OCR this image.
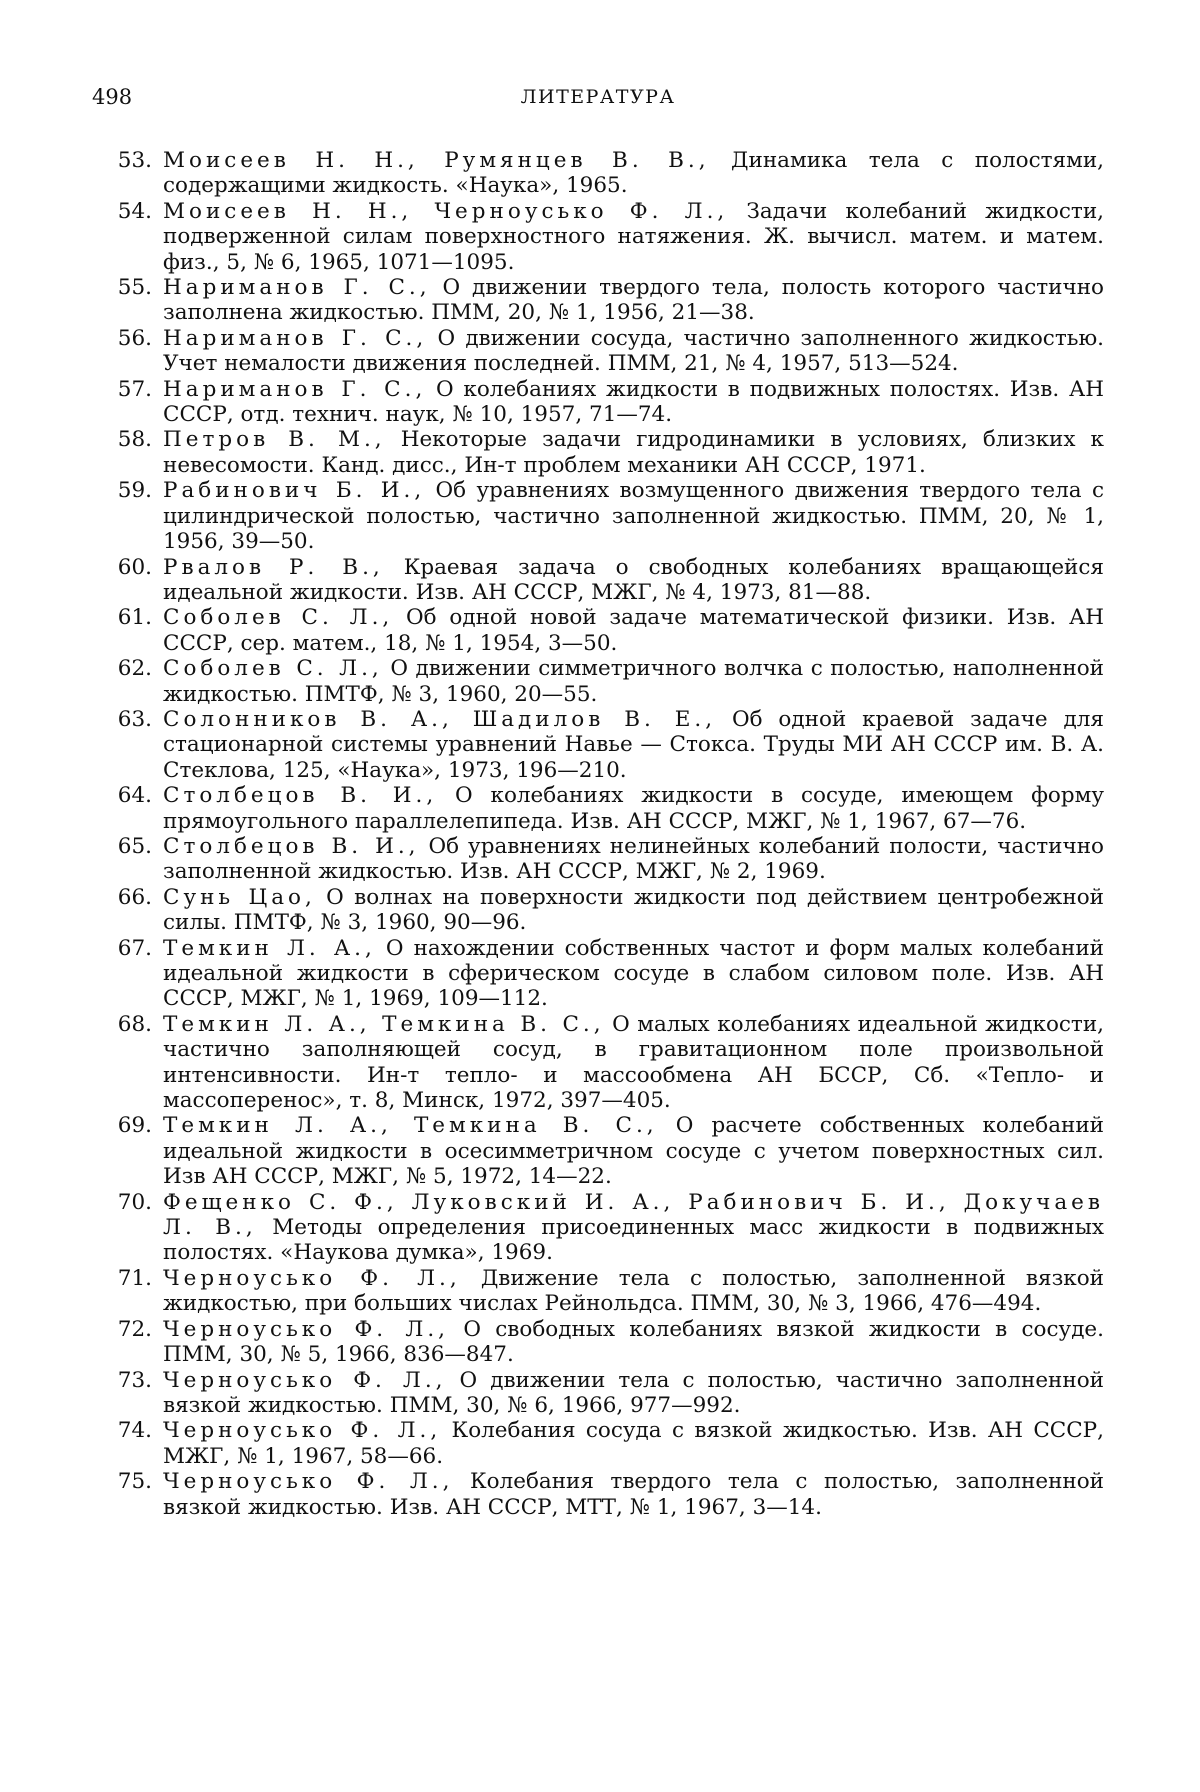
498	ЛИТЕРАТУРА
53. Моисеев Н. Н., Румянцев В. В., Динамика тела с полостями, содержащими жидкость. «Наука», 1965.
54. Моисеев Н. Н., Черноусько Ф. Л., Задачи колебаний жидкости, подверженной силам поверхностного натяжения. Ж. вычисл. матем. и матем. физ., 5, № 6, 1965, 1071—1095.
55. Нариманов Г. С., О движении твердого тела, полость которого частично заполнена жидкостью. ПММ, 20, № 1, 1956, 21—38.
56. Нариманов Г. С., О движении сосуда, частично заполненного жидкостью. Учет немалости движения последней. ПММ, 21, № 4, 1957, 513—524.
57. Нариманов Г. С., О колебаниях жидкости в подвижных полостях. Изв. АН СССР, отд. технич. наук, № 10, 1957, 71—74.
58. Петров В. М., Некоторые задачи гидродинамики в условиях, близких к невесомости. Канд. дисс., Ин-т проблем механики АН СССР, 1971.
59. Рабинович Б. И., Об уравнениях возмущенного движения твердого тела с цилиндрической полостью, частично заполненной жидкостью. ПММ, 20, № 1, 1956, 39—50.
60. Рвалов Р. В., Краевая задача о свободных колебаниях вращающейся идеальной жидкости. Изв. АН СССР, МЖГ, № 4, 1973, 81—88.
61. Соболев С. Л., Об одной новой задаче математической физики. Изв. АН СССР, сер. матем., 18, № 1, 1954, 3—50.
62. Соболев С. Л., О движении симметричного волчка с полостью, наполненной жидкостью. ПМТФ, № 3, 1960, 20—55.
63. Солонников В. А., Шадилов В. Е., Об одной краевой задаче для стационарной системы уравнений Навье — Стокса. Труды МИ АН СССР им. В. А. Стеклова, 125, «Наука», 1973, 196—210.
64. Столбецов В. И., О колебаниях жидкости в сосуде, имеющем форму прямоугольного параллелепипеда. Изв. АН СССР, МЖГ, № 1, 1967, 67—76.
65. Столбецов В. И., Об уравнениях нелинейных колебаний полости, частично заполненной жидкостью. Изв. АН СССР, МЖГ, № 2, 1969.
66. Сунь Цао, О волнах на поверхности жидкости под действием центробежной силы. ПМТФ, № 3, 1960, 90—96.
67. Темкин Л. А., О нахождении собственных частот и форм малых колебаний идеальной жидкости в сферическом сосуде в слабом силовом поле. Изв. АН СССР, МЖГ, № 1, 1969, 109—112.
68. Темкин Л. А., Темкина В. С., О малых колебаниях идеальной жидкости, частично заполняющей сосуд, в гравитационном поле произвольной интенсивности. Ин-т тепло- и массообмена АН БССР, Сб. «Тепло- и массоперенос», т. 8, Минск, 1972, 397—405.
69. Темкин Л. А., Темкина В. С., О расчете собственных колебаний идеальной жидкости в осесимметричном сосуде с учетом поверхностных сил. Изв АН СССР, МЖГ, № 5, 1972, 14—22.
70. Фещенко С. Ф., Луковский И. А., Рабинович Б. И., Докучаев Л. В., Методы определения присоединенных масс жидкости в подвижных полостях. «Наукова думка», 1969.
71. Черноусько Ф. Л., Движение тела с полостью, заполненной вязкой жидкостью, при больших числах Рейнольдса. ПММ, 30, № 3, 1966, 476—494.
72. Черноусько Ф. Л., О свободных колебаниях вязкой жидкости в сосуде. ПММ, 30, № 5, 1966, 836—847.
73. Черноусько Ф. Л., О движении тела с полостью, частично заполненной вязкой жидкостью. ПММ, 30, № 6, 1966, 977—992.
74. Черноусько Ф. Л., Колебания сосуда с вязкой жидкостью. Изв. АН СССР, МЖГ, № 1, 1967, 58—66.
75. Черноусько Ф. Л., Колебания твердого тела с полостью, заполненной вязкой жидкостью. Изв. АН СССР, МТТ, № 1, 1967, 3—14.
